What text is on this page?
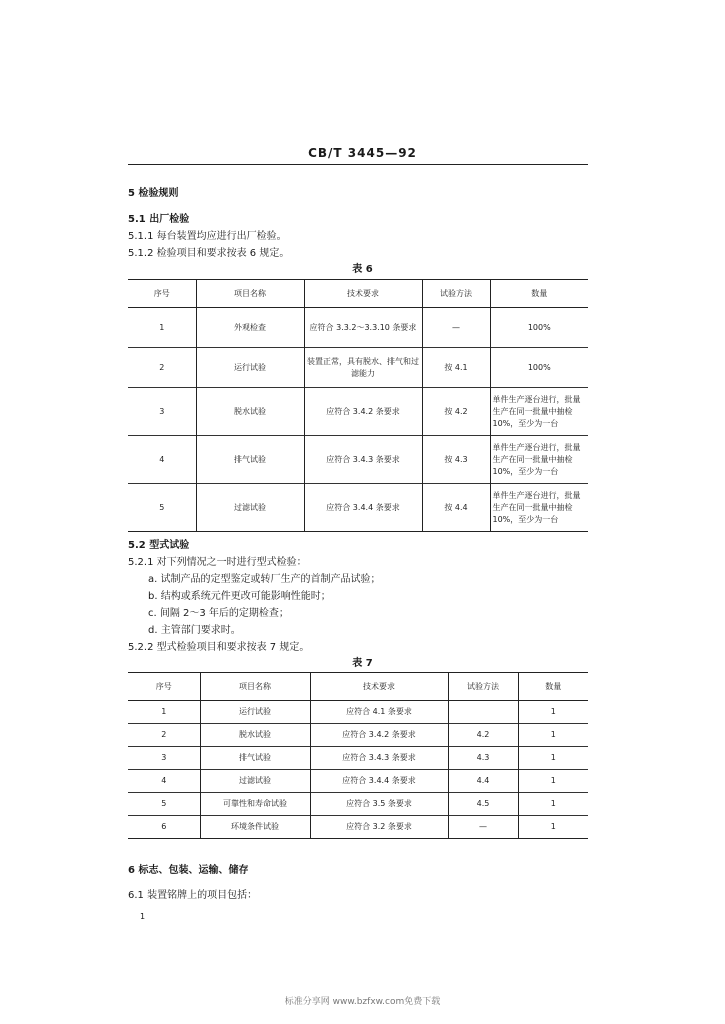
CB/T 3445—92
5 检验规则
5.1 出厂检验
5.1.1 每台装置均应进行出厂检验。
5.1.2 检验项目和要求按表 6 规定。
表 6
序号	项目名称	技术要求	试验方法	数量
1	外观检查	应符合 3.3.2～3.3.10 条要求	—	100%
2	运行试验	装置正常，具有脱水、排气和过滤能力	按 4.1	100%
3	脱水试验	应符合 3.4.2 条要求	按 4.2	单件生产逐台进行，批量生产在同一批量中抽检 10%，至少为一台
4	排气试验	应符合 3.4.3 条要求	按 4.3	单件生产逐台进行，批量生产在同一批量中抽检 10%，至少为一台
5	过滤试验	应符合 3.4.4 条要求	按 4.4	单件生产逐台进行，批量生产在同一批量中抽检 10%，至少为一台
5.2 型式试验
5.2.1 对下列情况之一时进行型式检验：
a. 试制产品的定型鉴定或转厂生产的首制产品试验；
b. 结构或系统元件更改可能影响性能时；
c. 间隔 2～3 年后的定期检查；
d. 主管部门要求时。
5.2.2 型式检验项目和要求按表 7 规定。
表 7
序号	项目名称	技术要求	试验方法	数量
1	运行试验	应符合 4.1 条要求		1
2	脱水试验	应符合 3.4.2 条要求	4.2	1
3	排气试验	应符合 3.4.3 条要求	4.3	1
4	过滤试验	应符合 3.4.4 条要求	4.4	1
5	可靠性和寿命试验	应符合 3.5 条要求	4.5	1
6	环境条件试验	应符合 3.2 条要求	—	1
6 标志、包装、运输、储存
6.1 装置铭牌上的项目包括：
1
标准分享网 www.bzfxw.com免费下载
